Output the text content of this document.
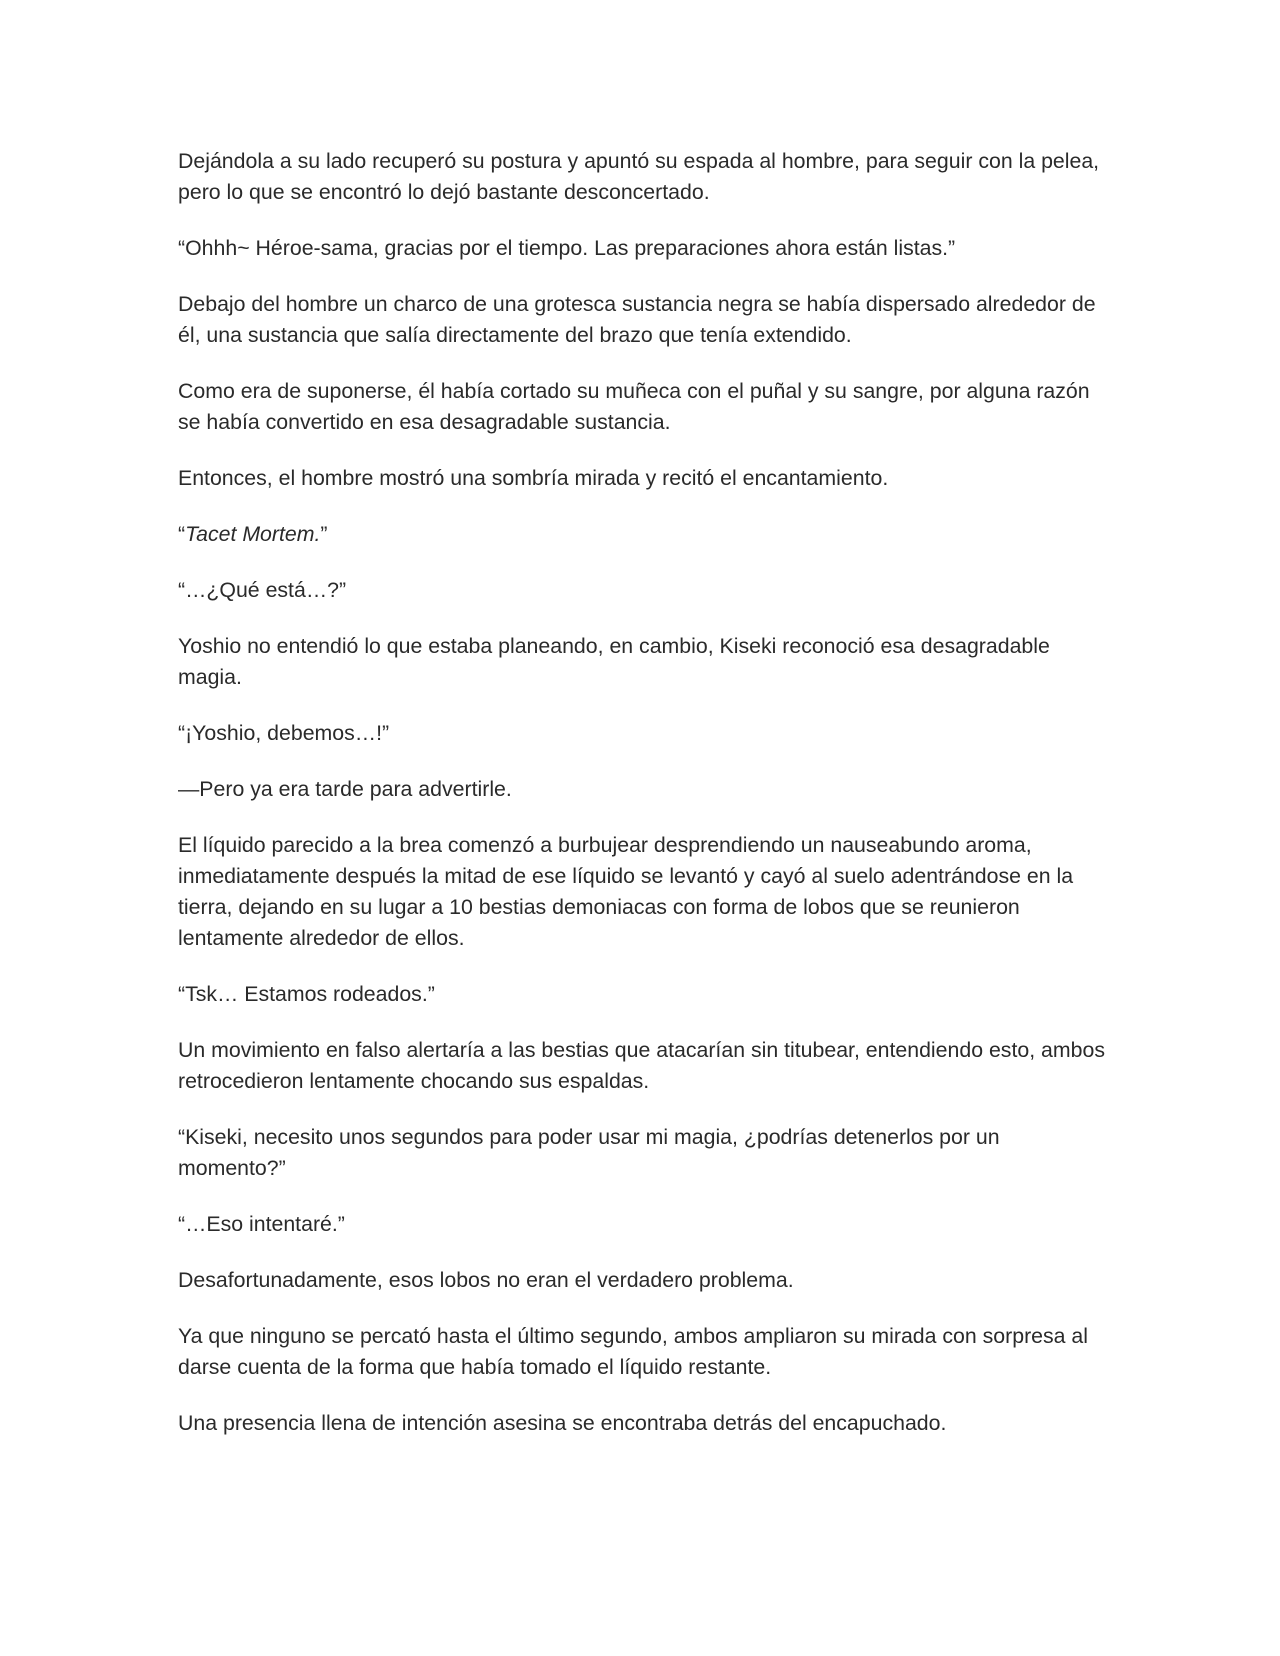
Dejándola a su lado recuperó su postura y apuntó su espada al hombre, para seguir con la pelea, pero lo que se encontró lo dejó bastante desconcertado.

“Ohhh~ Héroe-sama, gracias por el tiempo. Las preparaciones ahora están listas.”

Debajo del hombre un charco de una grotesca sustancia negra se había dispersado alrededor de él, una sustancia que salía directamente del brazo que tenía extendido.

Como era de suponerse, él había cortado su muñeca con el puñal y su sangre, por alguna razón se había convertido en esa desagradable sustancia.

Entonces, el hombre mostró una sombría mirada y recitó el encantamiento.

“Tacet Mortem.”

“…¿Qué está…?”

Yoshio no entendió lo que estaba planeando, en cambio, Kiseki reconoció esa desagradable magia.

“¡Yoshio, debemos…!”

—Pero ya era tarde para advertirle.

El líquido parecido a la brea comenzó a burbujear desprendiendo un nauseabundo aroma, inmediatamente después la mitad de ese líquido se levantó y cayó al suelo adentrándose en la tierra, dejando en su lugar a 10 bestias demoniacas con forma de lobos que se reunieron lentamente alrededor de ellos.

“Tsk… Estamos rodeados.”

Un movimiento en falso alertaría a las bestias que atacarían sin titubear, entendiendo esto, ambos retrocedieron lentamente chocando sus espaldas.

“Kiseki, necesito unos segundos para poder usar mi magia, ¿podrías detenerlos por un momento?”

“…Eso intentaré.”

Desafortunadamente, esos lobos no eran el verdadero problema.

Ya que ninguno se percató hasta el último segundo, ambos ampliaron su mirada con sorpresa al darse cuenta de la forma que había tomado el líquido restante.

Una presencia llena de intención asesina se encontraba detrás del encapuchado.
